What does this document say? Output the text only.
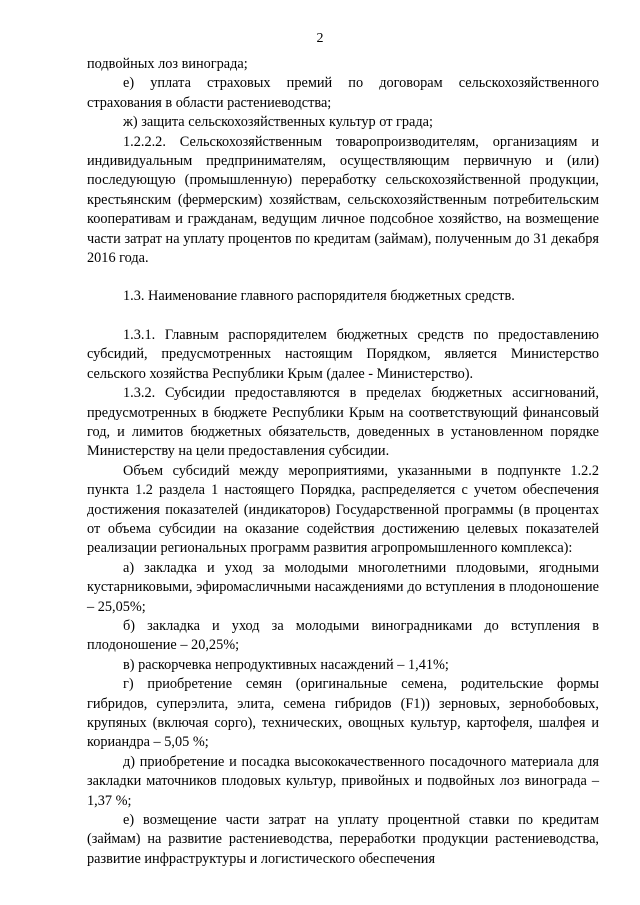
2

подвойных лоз винограда;

е) уплата страховых премий по договорам сельскохозяйственного страхования в области растениеводства;

ж) защита сельскохозяйственных культур от града;

1.2.2.2. Сельскохозяйственным товаропроизводителям, организациям и индивидуальным предпринимателям, осуществляющим первичную и (или) последующую (промышленную) переработку сельскохозяйственной продукции, крестьянским (фермерским) хозяйствам, сельскохозяйственным потребительским кооперативам и гражданам, ведущим личное подсобное хозяйство, на возмещение части затрат на уплату процентов по кредитам (займам), полученным до 31 декабря 2016 года.

1.3. Наименование главного распорядителя бюджетных средств.

1.3.1. Главным распорядителем бюджетных средств по предоставлению субсидий, предусмотренных настоящим Порядком, является Министерство сельского хозяйства Республики Крым (далее - Министерство).

1.3.2. Субсидии предоставляются в пределах бюджетных ассигнований, предусмотренных в бюджете Республики Крым на соответствующий финансовый год, и лимитов бюджетных обязательств, доведенных в установленном порядке Министерству на цели предоставления субсидии.

Объем субсидий между мероприятиями, указанными в подпункте 1.2.2 пункта 1.2 раздела 1 настоящего Порядка, распределяется с учетом обеспечения достижения показателей (индикаторов) Государственной программы (в процентах от объема субсидии на оказание содействия достижению целевых показателей реализации региональных программ развития агропромышленного комплекса):

а) закладка и уход за молодыми многолетними плодовыми, ягодными кустарниковыми, эфиромасличными насаждениями до вступления в плодоношение – 25,05%;

б) закладка и уход за молодыми виноградниками до вступления в плодоношение – 20,25%;

в) раскорчевка непродуктивных насаждений – 1,41%;

г) приобретение семян (оригинальные семена, родительские формы гибридов, суперэлита, элита, семена гибридов (F1)) зерновых, зернобобовых, крупяных (включая сорго), технических, овощных культур, картофеля, шалфея и кориандра – 5,05 %;

д) приобретение и посадка высококачественного посадочного материала для закладки маточников плодовых культур, привойных и подвойных лоз винограда – 1,37 %;

е) возмещение части затрат на уплату процентной ставки по кредитам (займам) на развитие растениеводства, переработки продукции растениеводства, развитие инфраструктуры и логистического обеспечения
